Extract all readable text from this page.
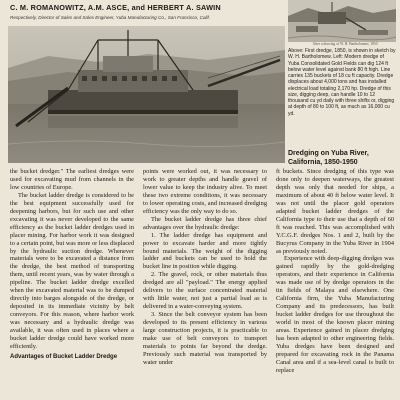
C. M. ROMANOWITZ, A.M. ASCE, and HERBERT A. SAWIN
Respectively, Director of Sales and Sales Engineer, Yuba Manufacturing Co., San Francisco, Calif.
After a drawing of W. H. Bartholomew, 1850
Above: First dredge, 1850, is shown in sketch by W. H. Bartholomew. Left: Modern dredge of Yuba Consolidated Gold Fields can dig 124 ft below water level against bank 80 ft high. Line carries 135 buckets of 18 cu ft capacity. Dredge displaces about 4,000 tons and has installed electrical load totaling 2,170 hp. Dredge of this size, digging deep, can handle 10 to 12 thousand cu yd daily with three shifts or, digging at depth of 80 to 100 ft, as much as 16,000 cu yd.
Dredging on Yuba River, California, 1850-1950

the bucket dredger." The earliest dredges were used for excavating mud from channels in the low countries of Europe.

The bucket ladder dredge is considered to be the best equipment successfully used for deepening harbors, but for such use and other excavating it was never developed to the same efficiency as the bucket ladder dredges used in placer mining. For harbor work it was designed to a certain point, but was more or less displaced by the hydraulic suction dredge. Whenever materials were to be excavated a distance from the dredge, the best method of transporting them, until recent years, was by water through a pipeline. The bucket ladder dredge excelled when the excavated material was to be dumped directly into barges alongside of the dredge, or deposited in its immediate vicinity by belt conveyors. For this reason, where harbor work was necessary and a hydraulic dredge was available, it was often used in places where a bucket ladder dredge could have worked more efficiently.

Advantages of Bucket Ladder Dredge

points were worked out, it was necessary to work to greater depths and handle gravel of lower value to keep the industry alive. To meet these two extreme conditions, it was necessary to lower operating costs, and increased dredging efficiency was the only way to do so.

The bucket ladder dredge has three chief advantages over the hydraulic dredge:

1. The ladder dredge has equipment and power to excavate harder and more tightly bound materials. The weight of the digging ladder and buckets can be used to hold the bucket line in position while digging.

2. The gravel, rock, or other materials thus dredged are all "payload." The energy applied delivers to the surface concentrated material with little water, not just a partial load as is delivered in a water-conveying system.

3. Since the belt conveyor system has been developed to its present efficiency in various large construction projects, it is practicable to make use of belt conveyors to transport materials to points far beyond the dredge. Previously such material was transported by water under

ft buckets. Since dredging of this type was done only to deepen waterways, the greatest depth was only that needed for ships, a maximum of about 40 ft below water level. It was not until the placer gold operators adapted bucket ladder dredges of the California type to their use that a depth of 60 ft was reached. This was accomplished with Y.C.G.F. dredges Nos. 1 and 2, built by the Bucyrus Company in the Yuba River in 1904 as previously noted.

Experience with deep-digging dredges was gained rapidly by the gold-dredging operators, and their experience in California was made use of by dredge operators in the tin fields of Malaya and elsewhere. One California firm, the Yuba Manufacturing Company and its predecessors, has built bucket ladder dredges for use throughout the world in most of the known placer mining areas. Experience gained in placer dredging has been adapted to other engineering fields. Yuba dredges have been designed and prepared for excavating rock in the Panama Canal area and if a sea-level canal is built to replace
